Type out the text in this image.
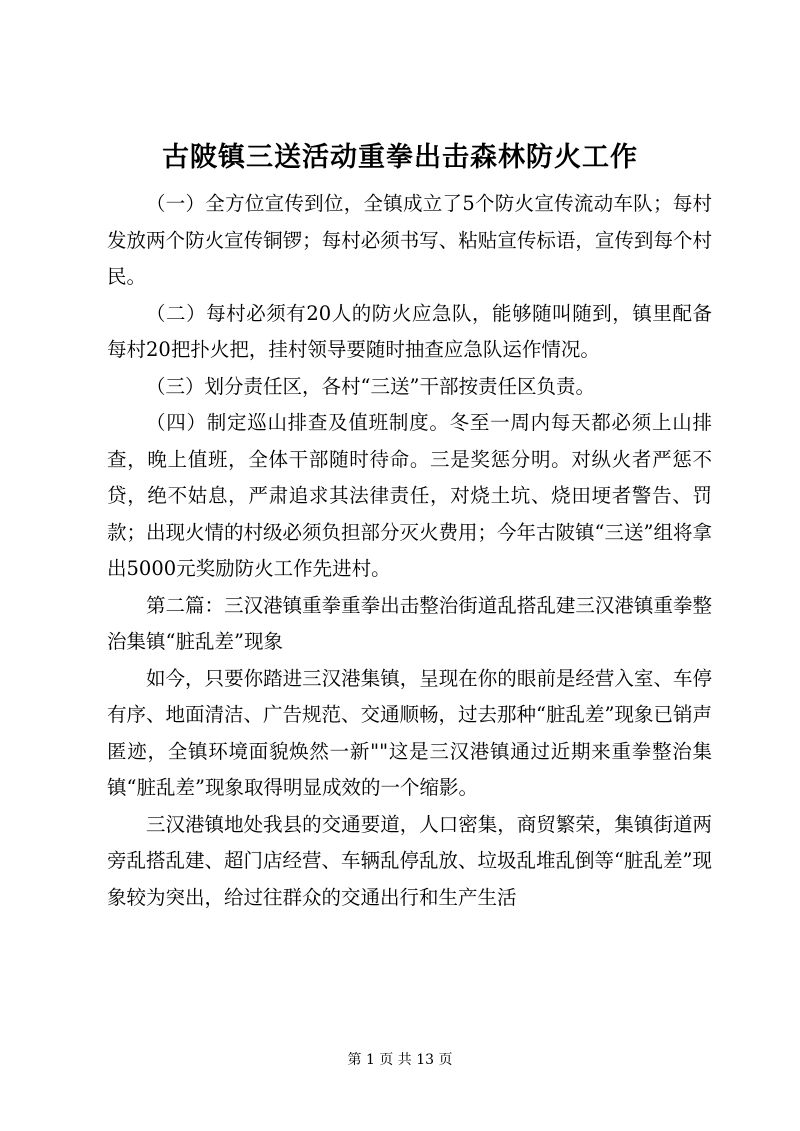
古陂镇三送活动重拳出击森林防火工作

（一）全方位宣传到位，全镇成立了5个防火宣传流动车队；每村发放两个防火宣传铜锣；每村必须书写、粘贴宣传标语，宣传到每个村民。

（二）每村必须有20人的防火应急队，能够随叫随到，镇里配备每村20把扑火把，挂村领导要随时抽查应急队运作情况。

（三）划分责任区，各村“三送”干部按责任区负责。

（四）制定巡山排查及值班制度。冬至一周内每天都必须上山排查，晚上值班，全体干部随时待命。三是奖惩分明。对纵火者严惩不贷，绝不姑息，严肃追求其法律责任，对烧土坑、烧田埂者警告、罚款；出现火情的村级必须负担部分灭火费用；今年古陂镇“三送”组将拿出5000元奖励防火工作先进村。

第二篇：三汉港镇重拳重拳出击整治街道乱搭乱建三汉港镇重拳整治集镇“脏乱差”现象

如今，只要你踏进三汉港集镇，呈现在你的眼前是经营入室、车停有序、地面清洁、广告规范、交通顺畅，过去那种“脏乱差”现象已销声匿迹，全镇环境面貌焕然一新""这是三汉港镇通过近期来重拳整治集镇“脏乱差”现象取得明显成效的一个缩影。

三汉港镇地处我县的交通要道，人口密集，商贸繁荣，集镇街道两旁乱搭乱建、超门店经营、车辆乱停乱放、垃圾乱堆乱倒等“脏乱差”现象较为突出，给过往群众的交通出行和生产生活

第 1 页 共 13 页
